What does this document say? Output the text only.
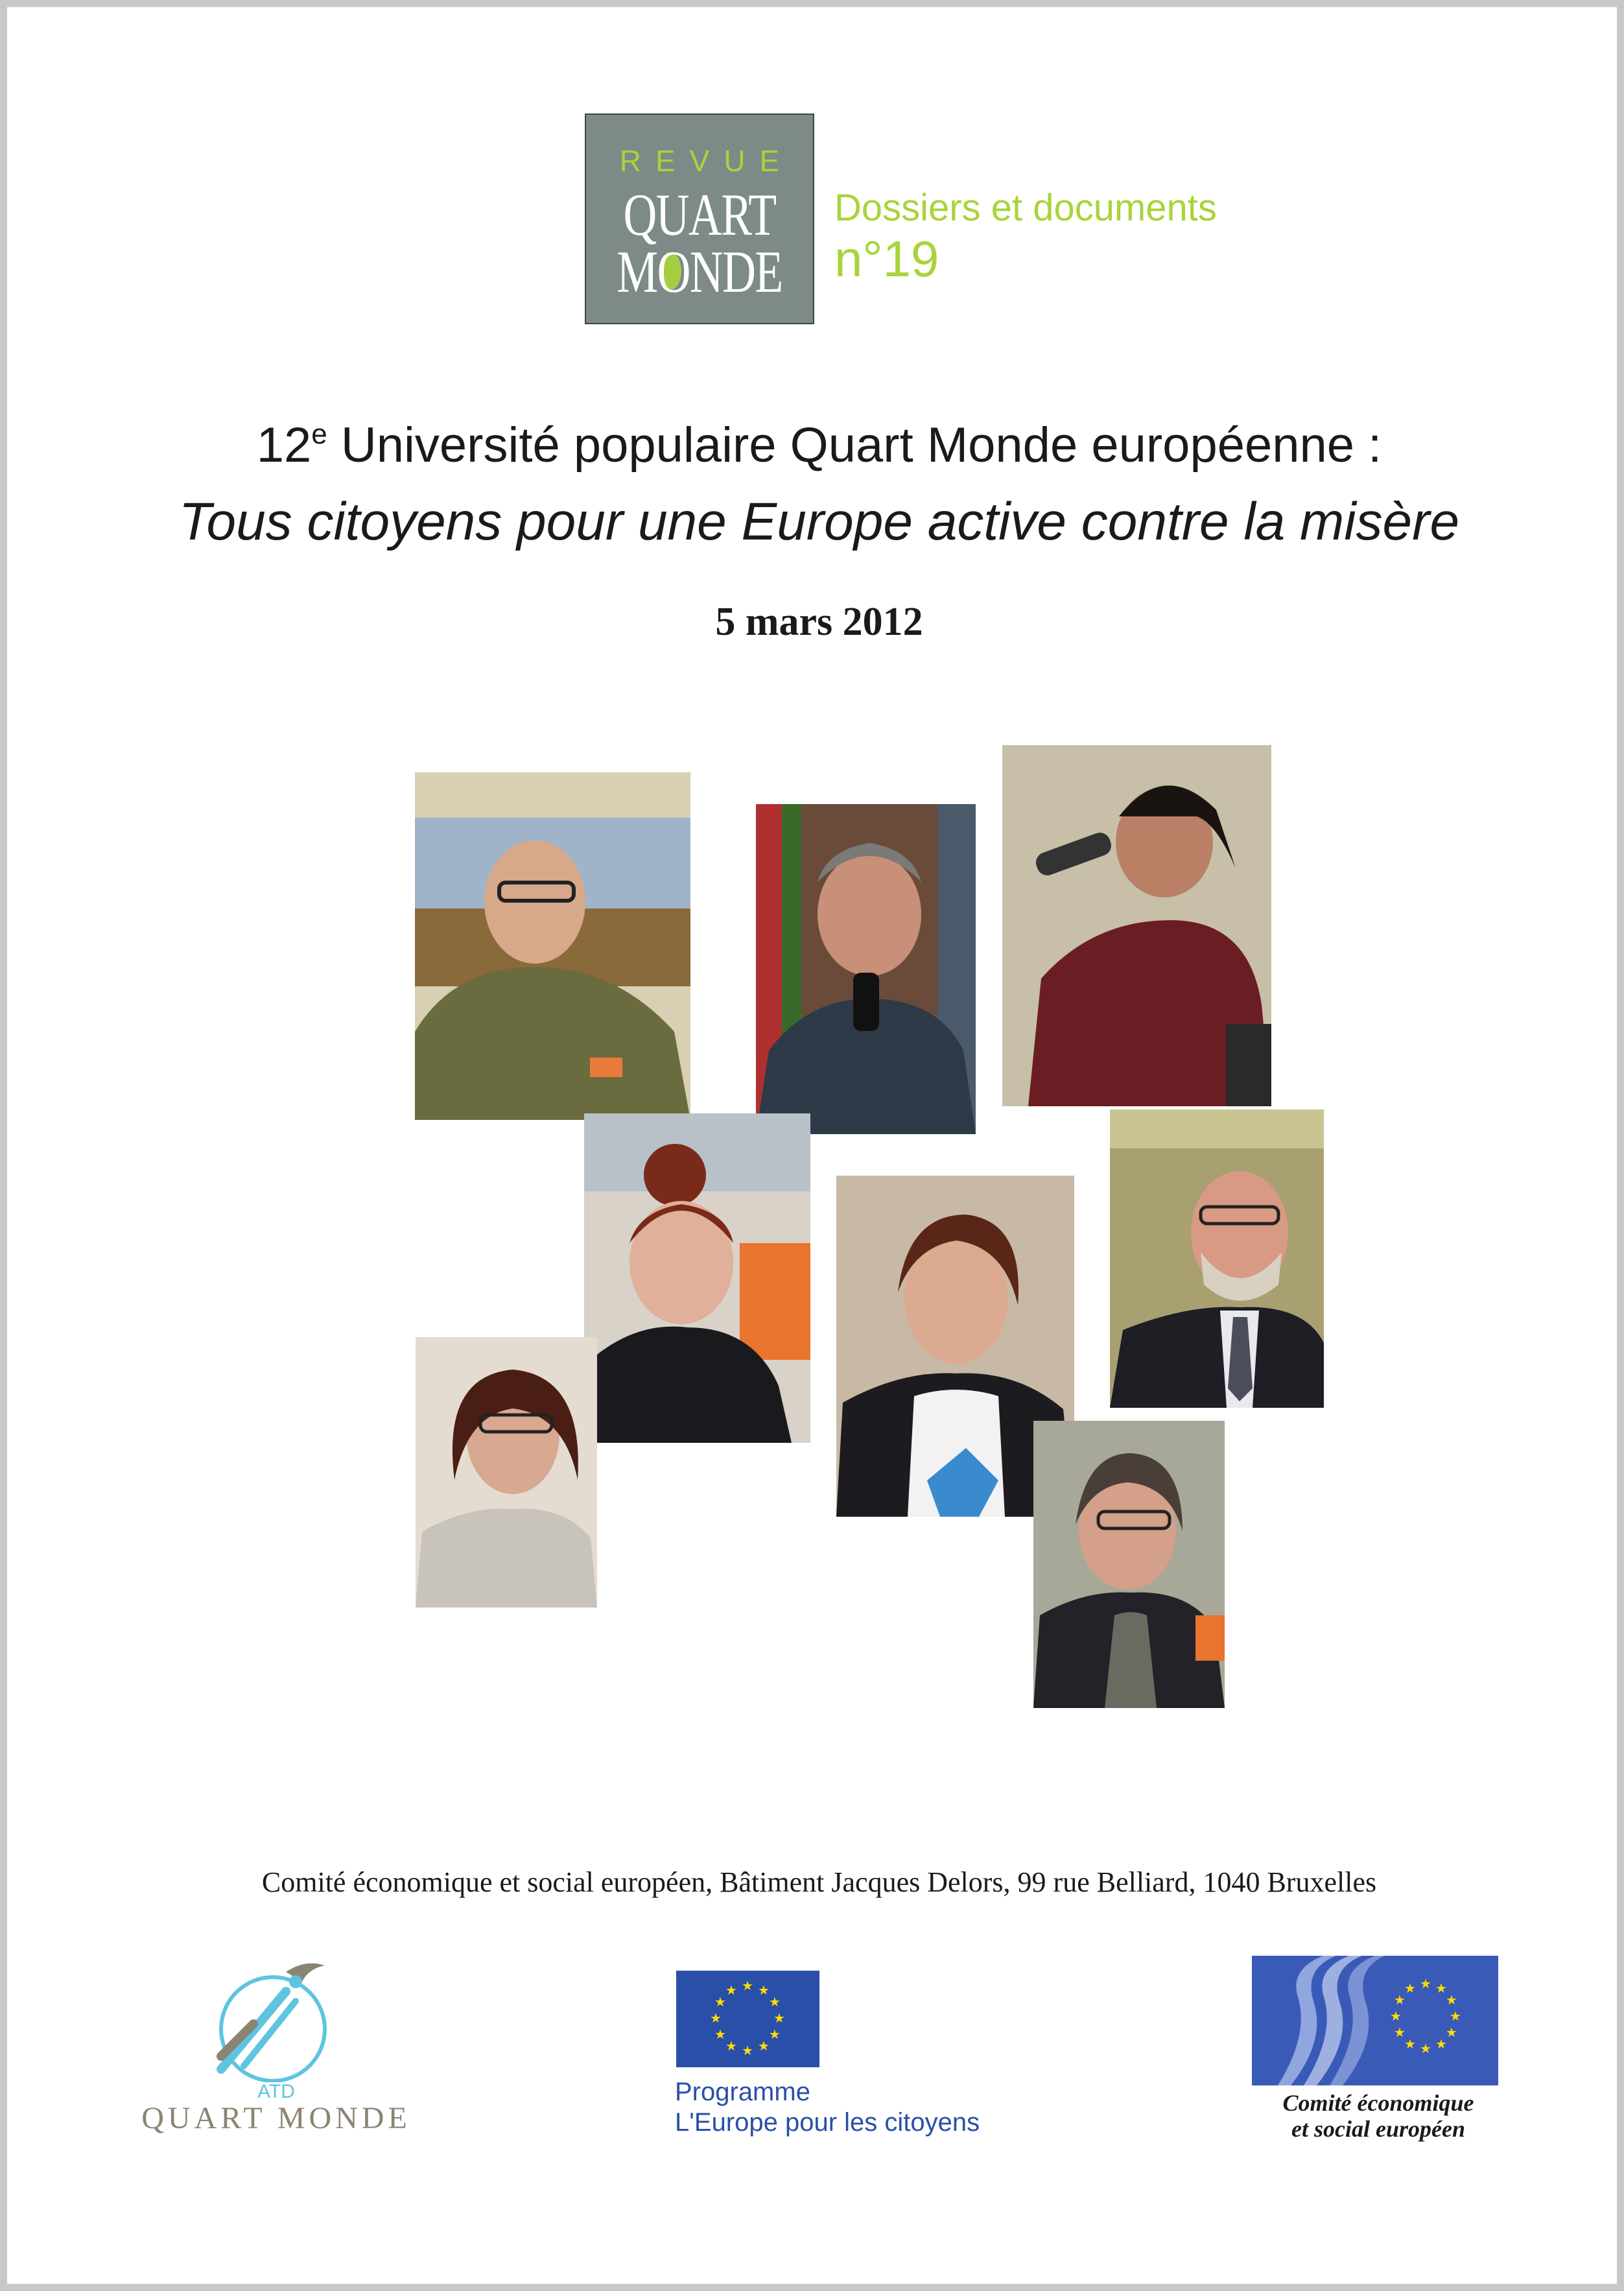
REVUE
QUART
MONDE
Dossiers et documents
n°19
12e Université populaire Quart Monde européenne :
Tous citoyens pour une Europe active contre la misère
5 mars 2012
Comité économique et social européen, Bâtiment Jacques Delors, 99 rue Belliard, 1040 Bruxelles
ATD
QUART MONDE
★ ★
★
★
★
★
★
★
★
★
★
★
Programme
L'Europe pour les citoyens
★ ★
★
★
★
★
★
★
★
★
★
★
Comité économique
et social européen
